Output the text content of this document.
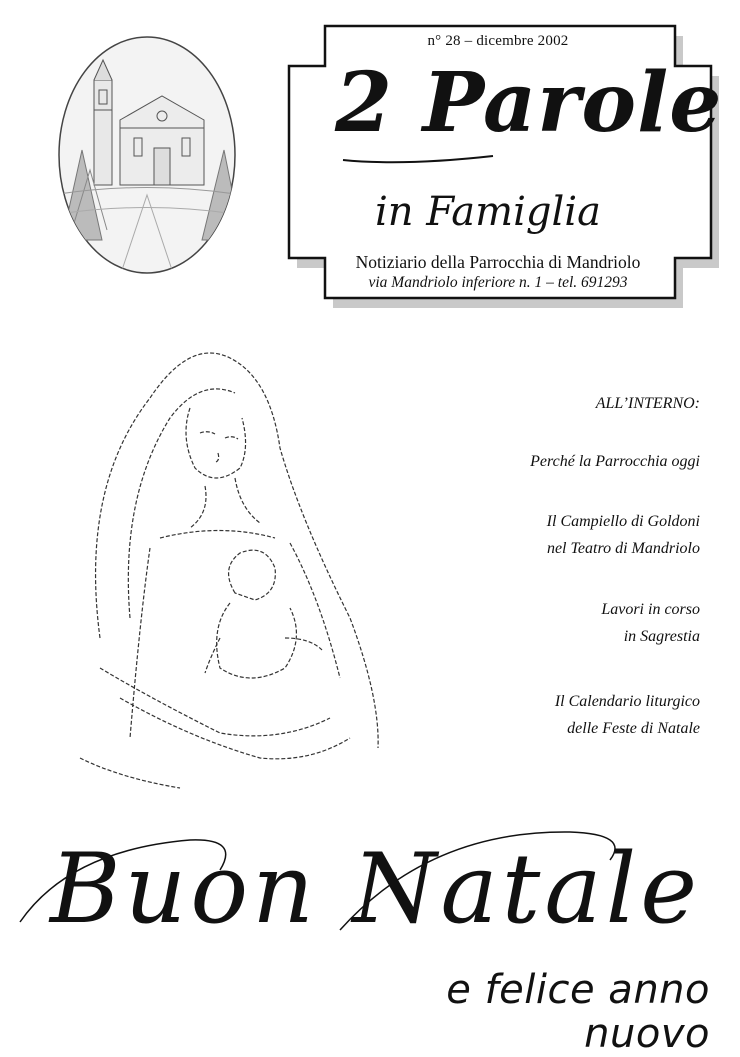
n° 28 – dicembre 2002
2 Parole
in Famiglia
Notiziario della Parrocchia di Mandriolo
via Mandriolo inferiore n. 1 – tel. 691293
ALL’INTERNO:
Perché la Parrocchia oggi
Il Campiello di Goldoni
nel Teatro di Mandriolo
Lavori in corso
in Sagrestia
Il Calendario liturgico
delle Feste di Natale
Buon Natale
e felice anno nuovo
